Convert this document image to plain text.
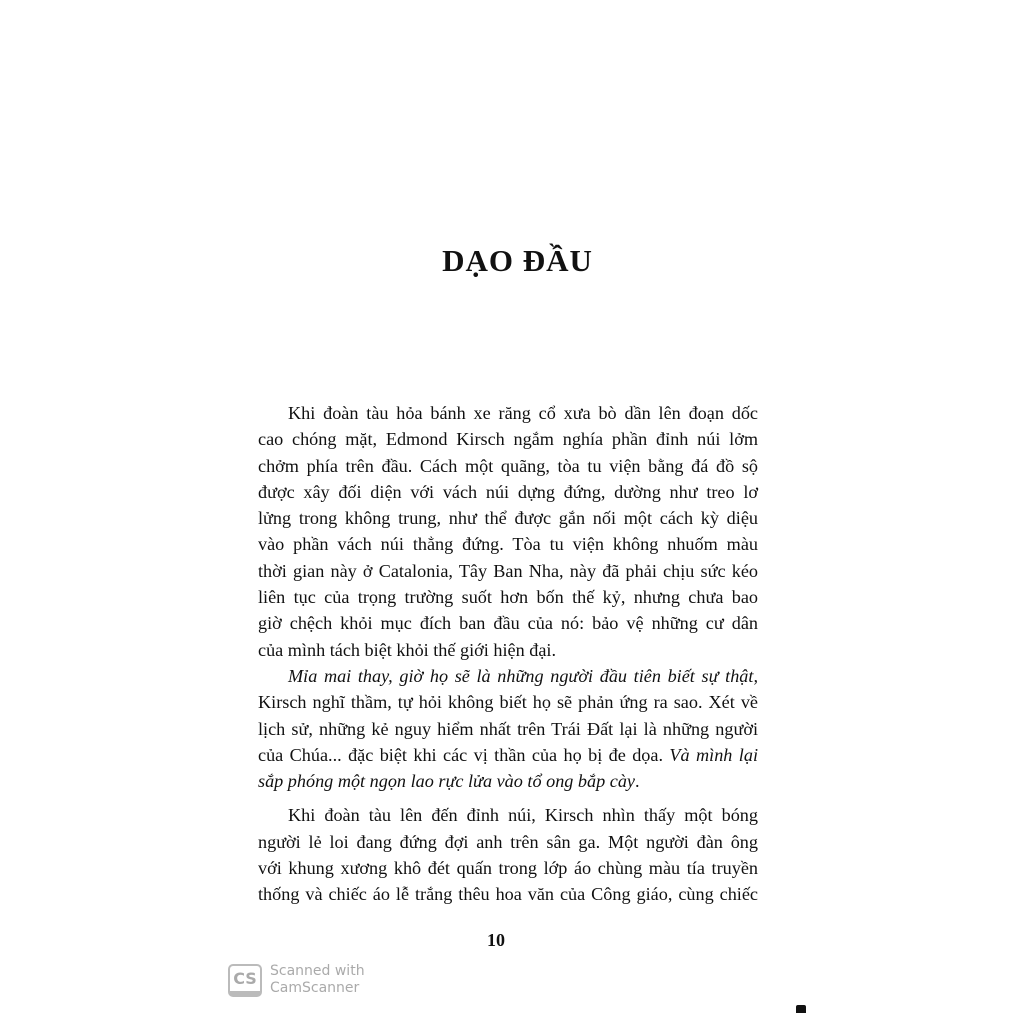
DẠO ĐẦU
Khi đoàn tàu hỏa bánh xe răng cổ xưa bò dần lên đoạn dốc
cao chóng mặt, Edmond Kirsch ngắm nghía phần đỉnh núi lởm
chởm phía trên đầu. Cách một quãng, tòa tu viện bằng đá đồ sộ
được xây đối diện với vách núi dựng đứng, dường như treo lơ
lửng trong không trung, như thể được gắn nối một cách kỳ diệu
vào phần vách núi thẳng đứng. Tòa tu viện không nhuốm màu
thời gian này ở Catalonia, Tây Ban Nha, này đã phải chịu sức kéo
liên tục của trọng trường suốt hơn bốn thế kỷ, nhưng chưa bao
giờ chệch khỏi mục đích ban đầu của nó: bảo vệ những cư dân
của mình tách biệt khỏi thế giới hiện đại.
Mỉa mai thay, giờ họ sẽ là những người đầu tiên biết sự thật,
Kirsch nghĩ thầm, tự hỏi không biết họ sẽ phản ứng ra sao. Xét về
lịch sử, những kẻ nguy hiểm nhất trên Trái Đất lại là những người
của Chúa... đặc biệt khi các vị thần của họ bị đe dọa. Và mình lại
sắp phóng một ngọn lao rực lửa vào tổ ong bắp cày.
Khi đoàn tàu lên đến đỉnh núi, Kirsch nhìn thấy một bóng
người lẻ loi đang đứng đợi anh trên sân ga. Một người đàn ông
với khung xương khô đét quấn trong lớp áo chùng màu tía truyền
thống và chiếc áo lễ trắng thêu hoa văn của Công giáo, cùng chiếc
10
CS Scanned with
CamScanner
